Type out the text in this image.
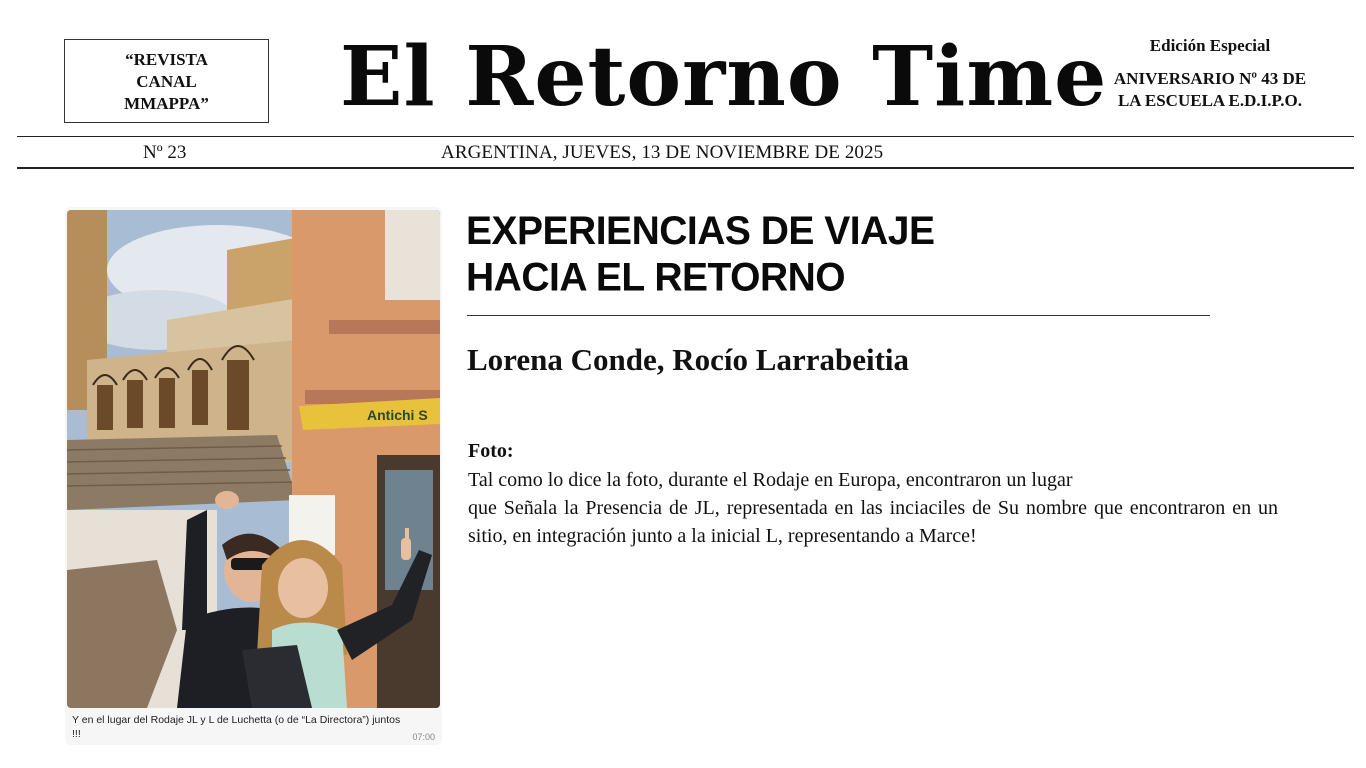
“REVISTA
CANAL
MMAPPA”	El Retorno Time	Edición Especial
ANIVERSARIO Nº 43 DE
LA ESCUELA E.D.I.P.O.
Nº 23	ARGENTINA, JUEVES, 13 DE NOVIEMBRE DE 2025
Antichi S
Y en el lugar del Rodaje JL y L de Luchetta (o de “La Directora”) juntos !!!	07:00
EXPERIENCIAS DE VIAJE
HACIA EL RETORNO
Lorena Conde, Rocío Larrabeitia
Foto:
Tal como lo dice la foto, durante el Rodaje en Europa, encontraron un lugar
que Señala la Presencia de JL, representada en las inciaciles de Su nombre que encontraron en un sitio, en integración junto a la inicial L, representando a Marce!
